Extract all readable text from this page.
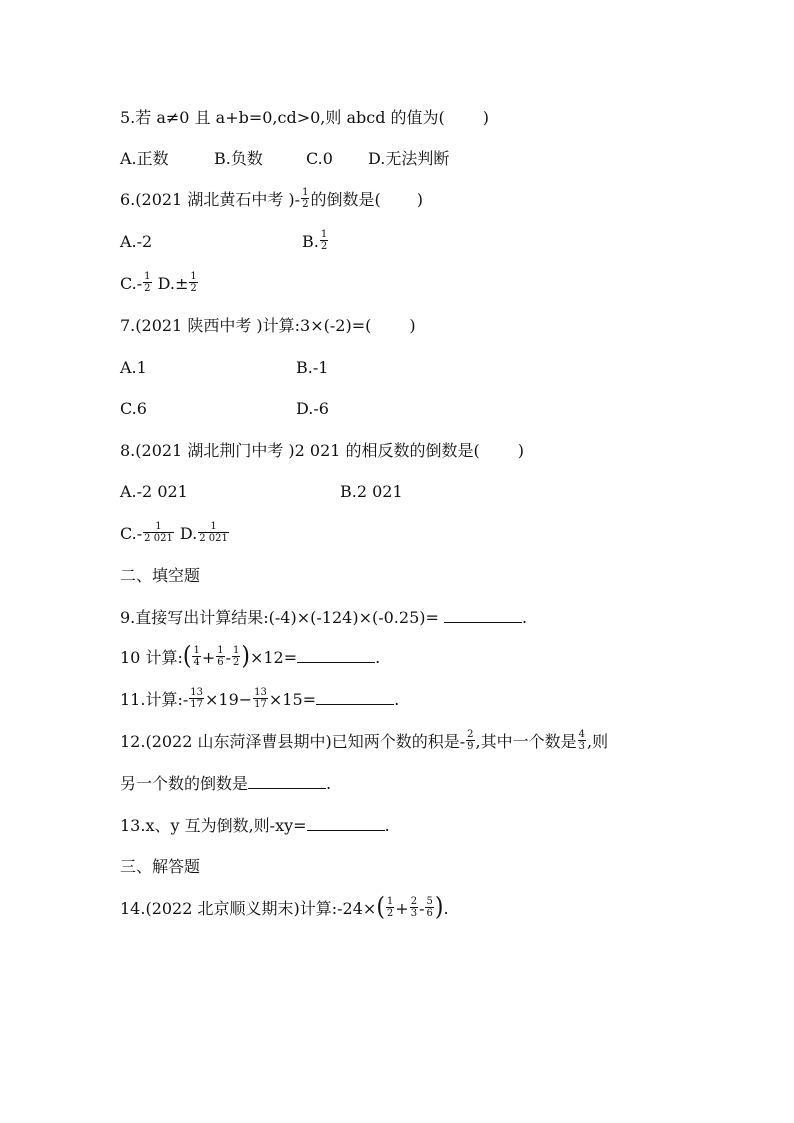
5.若 a≠0 且 a+b=0,cd>0,则 abcd 的值为( )
A.正数	B.负数	C.0 D.无法判断
6.(2021 湖北黄石中考 )- $\frac{1}{2}$ 的倒数是( )
A.-2	B. $\frac{1}{2}$
$C.- \frac{1}{2} D.\pm \frac{1}{2}$
7.(2021 陕西中考 )计算:3×(-2)=( )
A.1	B.-1
C.6	D.-6
8.(2021 湖北荆门中考 )2 021 的相反数的倒数是( )
A.-2 021	B.2 021
$C.- \frac{1}{2 021} D$. $\frac{1}{2 021}$
二、填空题
9.直接写出计算结果:(-4)×(-124)×(-0.25)=	.
10 计算:( $\frac{1}{4} + \frac{1}{6} - \frac{1}{2} )\times 12=$	.
11.计算:- $\frac{13}{17} \times 19- \frac{13}{17} \times 15=$	.
12.(2022 山东菏泽曹县期中)已知两个数的积是- $\frac{2}{9}$ ,其中一个数是 $\frac{4}{3}$ ,则
另一个数的倒数是	.
13.x、y 互为倒数,则-xy=	.
三、解答题
14.(2022 北京顺义期末)计算:-24×( $\frac{1}{2} + \frac{2}{3} - \frac{5}{6}$ ).
